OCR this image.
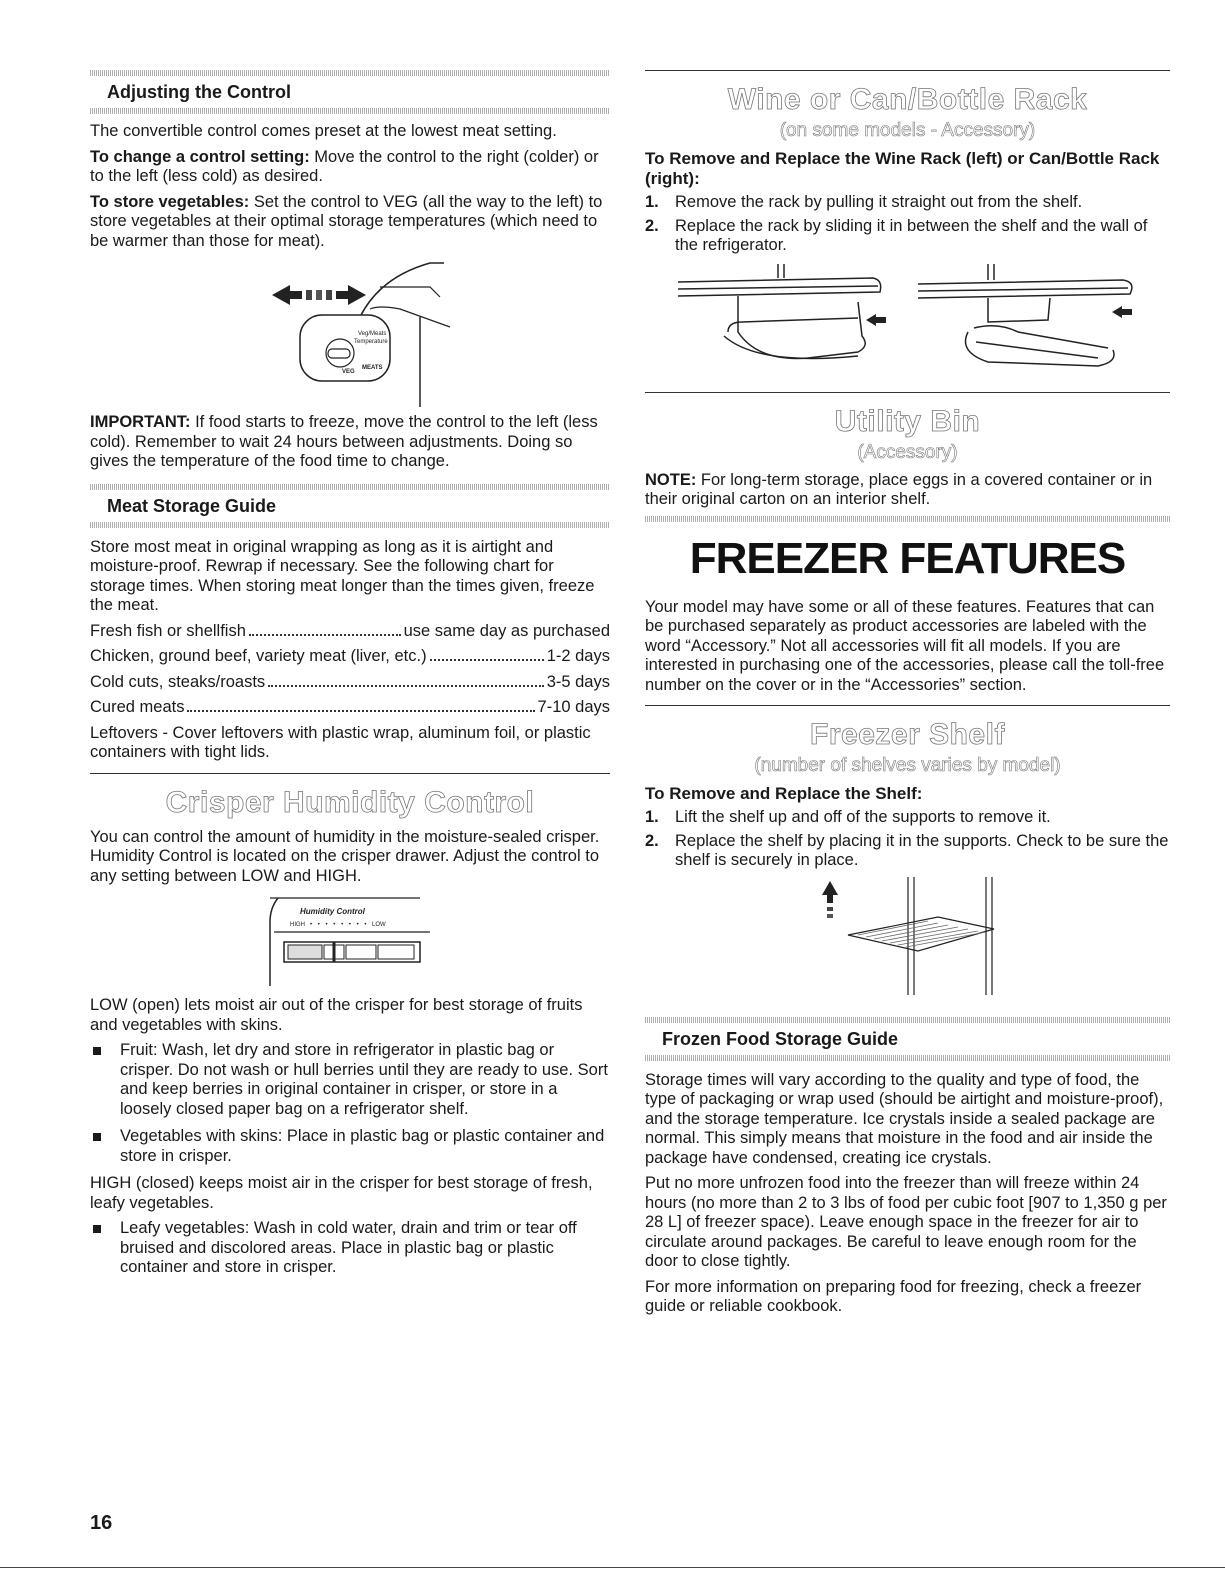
Adjusting the Control

The convertible control comes preset at the lowest meat setting.

To change a control setting: Move the control to the right (colder) or to the left (less cold) as desired.

To store vegetables: Set the control to VEG (all the way to the left) to store vegetables at their optimal storage temperatures (which need to be warmer than those for meat).

Veg/Meats
Temperature
VEG
MEATS

IMPORTANT: If food starts to freeze, move the control to the left (less cold). Remember to wait 24 hours between adjustments. Doing so gives the temperature of the food time to change.

Meat Storage Guide

Store most meat in original wrapping as long as it is airtight and moisture-proof. Rewrap if necessary. See the following chart for storage times. When storing meat longer than the times given, freeze the meat.

Fresh fish or shellfish	use same day as purchased
Chicken, ground beef, variety meat (liver, etc.)	1-2 days
Cold cuts, steaks/roasts	3-5 days
Cured meats	7-10 days

Leftovers - Cover leftovers with plastic wrap, aluminum foil, or plastic containers with tight lids.

Crisper Humidity Control

You can control the amount of humidity in the moisture-sealed crisper. Humidity Control is located on the crisper drawer. Adjust the control to any setting between LOW and HIGH.

Humidity Control
HIGH • • • • • • • • LOW

LOW (open) lets moist air out of the crisper for best storage of fruits and vegetables with skins.

Fruit: Wash, let dry and store in refrigerator in plastic bag or crisper. Do not wash or hull berries until they are ready to use. Sort and keep berries in original container in crisper, or store in a loosely closed paper bag on a refrigerator shelf.
Vegetables with skins: Place in plastic bag or plastic container and store in crisper.

HIGH (closed) keeps moist air in the crisper for best storage of fresh, leafy vegetables.

Leafy vegetables: Wash in cold water, drain and trim or tear off bruised and discolored areas. Place in plastic bag or plastic container and store in crisper.
Wine or Can/Bottle Rack
(on some models - Accessory)

To Remove and Replace the Wine Rack (left) or Can/Bottle Rack (right):

1. Remove the rack by pulling it straight out from the shelf.
2. Replace the rack by sliding it in between the shelf and the wall of the refrigerator.
Utility Bin
(Accessory)

NOTE: For long-term storage, place eggs in a covered container or in their original carton on an interior shelf.

FREEZER FEATURES

Your model may have some or all of these features. Features that can be purchased separately as product accessories are labeled with the word “Accessory.” Not all accessories will fit all models. If you are interested in purchasing one of the accessories, please call the toll-free number on the cover or in the “Accessories” section.

Freezer Shelf
(number of shelves varies by model)

To Remove and Replace the Shelf:

1. Lift the shelf up and off of the supports to remove it.
2. Replace the shelf by placing it in the supports. Check to be sure the shelf is securely in place.
Frozen Food Storage Guide

Storage times will vary according to the quality and type of food, the type of packaging or wrap used (should be airtight and moisture-proof), and the storage temperature. Ice crystals inside a sealed package are normal. This simply means that moisture in the food and air inside the package have condensed, creating ice crystals.

Put no more unfrozen food into the freezer than will freeze within 24 hours (no more than 2 to 3 lbs of food per cubic foot [907 to 1,350 g per 28 L] of freezer space). Leave enough space in the freezer for air to circulate around packages. Be careful to leave enough room for the door to close tightly.

For more information on preparing food for freezing, check a freezer guide or reliable cookbook.

16
